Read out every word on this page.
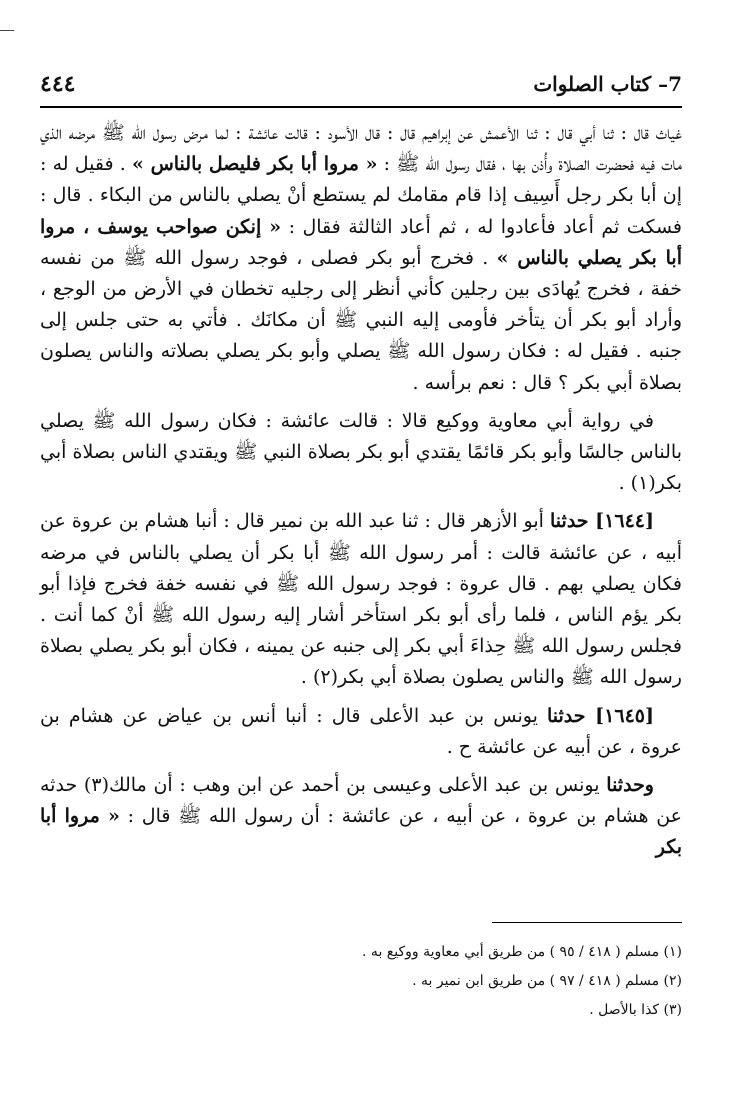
٤٤٤	7– كتاب الصلوات

غياث قال : ثنا أبي قال : ثنا الأعمش عن إبراهيم قال : قال الأسود : قالت عائشة : لما مرض رسول الله ﷺ مرضه الذي مات فيه فحضرت الصلاة وأُذن بها ، فقال رسول الله ﷺ : « مروا أبا بكر فليصل بالناس » . فقيل له : إن أبا بكر رجل أَسِيف إذا قام مقامك لم يستطع أنْ يصلي بالناس من البكاء . قال : فسكت ثم أعاد فأعادوا له ، ثم أعاد الثالثة فقال : « إنكن صواحب يوسف ، مروا أبا بكر يصلي بالناس » . فخرج أبو بكر فصلى ، فوجد رسول الله ﷺ من نفسه خفة ، فخرج يُهادَى بين رجلين كأني أنظر إلى رجليه تخطان في الأرض من الوجع ، وأراد أبو بكر أن يتأخر فأومى إليه النبي ﷺ أن مكانَك . فأتي به حتى جلس إلى جنبه . فقيل له : فكان رسول الله ﷺ يصلي وأبو بكر يصلي بصلاته والناس يصلون بصلاة أبي بكر ؟ قال : نعم برأسه .

في رواية أبي معاوية ووكيع قالا : قالت عائشة : فكان رسول الله ﷺ يصلي بالناس جالسًا وأبو بكر قائمًا يقتدي أبو بكر بصلاة النبي ﷺ ويقتدي الناس بصلاة أبي بكر(١) .

[١٦٤٤] حدثنا أبو الأزهر قال : ثنا عبد الله بن نمير قال : أنبا هشام بن عروة عن أبيه ، عن عائشة قالت : أمر رسول الله ﷺ أبا بكر أن يصلي بالناس في مرضه فكان يصلي بهم . قال عروة : فوجد رسول الله ﷺ في نفسه خفة فخرج فإذا أبو بكر يؤم الناس ، فلما رأى أبو بكر استأخر أشار إليه رسول الله ﷺ أنْ كما أنت . فجلس رسول الله ﷺ حِذاءَ أبي بكر إلى جنبه عن يمينه ، فكان أبو بكر يصلي بصلاة رسول الله ﷺ والناس يصلون بصلاة أبي بكر(٢) .

[١٦٤٥] حدثنا يونس بن عبد الأعلى قال : أنبا أنس بن عياض عن هشام بن عروة ، عن أبيه عن عائشة ح .

وحدثنا يونس بن عبد الأعلى وعيسى بن أحمد عن ابن وهب : أن مالك(٣) حدثه عن هشام بن عروة ، عن أبيه ، عن عائشة : أن رسول الله ﷺ قال : « مروا أبا بكر

(١) مسلم ( ٤١٨ / ٩٥ ) من طريق أبي معاوية ووكيع به .

(٢) مسلم ( ٤١٨ / ٩٧ ) من طريق ابن نمير به .

(٣) كذا بالأصل .
